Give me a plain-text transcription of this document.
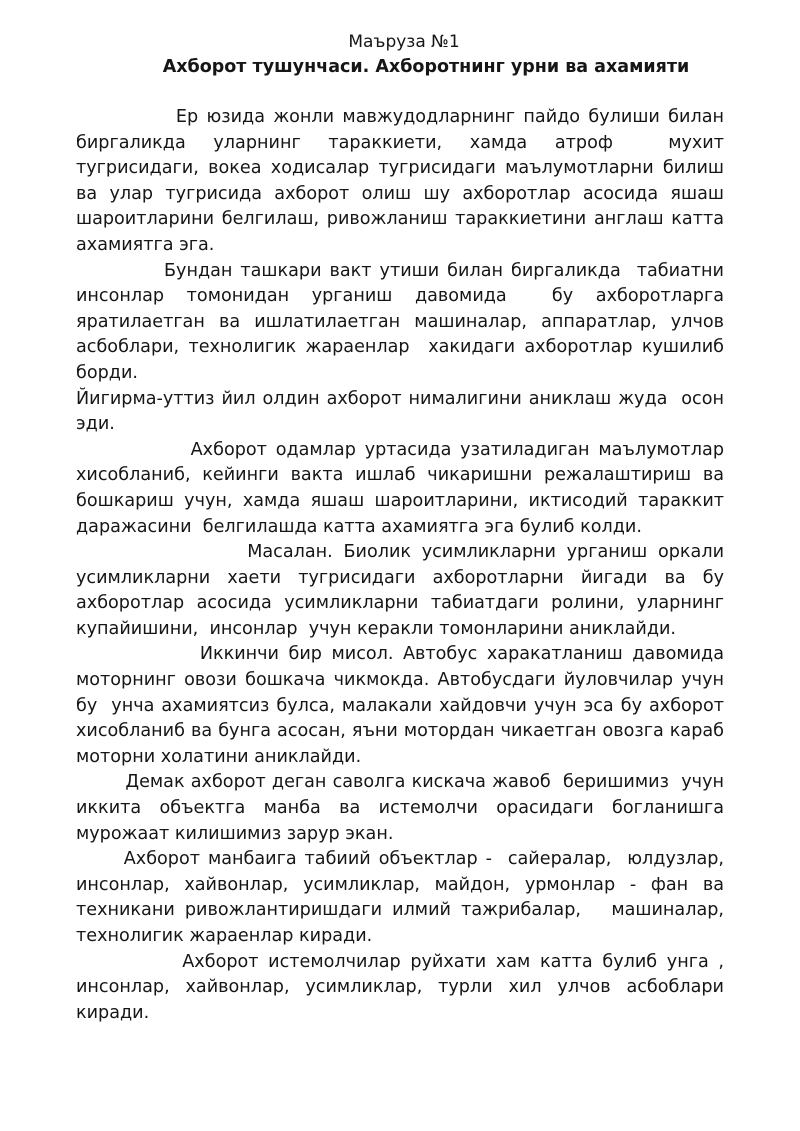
Маъруза №1
Ахборот тушунчаси. Ахборотнинг урни ва ахамияти

Ер юзида жонли мавжудодларнинг пайдо булиши билан биргаликда уларнинг тараккиети, хамда атроф  мухит  тугрисидаги, вокеа ходисалар тугрисидаги маълумотларни билиш ва улар тугрисида ахборот олиш шу ахборотлар асосида яшаш шароитларини белгилаш, ривожланиш тараккиетини англаш катта ахамиятга эга.

Бундан ташкари вакт утиши билан биргаликда  табиатни инсонлар томонидан урганиш давомида  бу ахборотларга яратилаетган ва ишлатилаетган машиналар, аппаратлар, улчов асбоблари, технолигик жараенлар  хакидаги ахборотлар кушилиб борди.

Йигирма-уттиз йил олдин ахборот нималигини аниклаш жуда  осон эди.

Ахборот одамлар уртасида узатиладиган маълумотлар хисобланиб, кейинги вакта ишлаб чикаришни режалаштириш ва бошкариш учун, хамда яшаш шароитларини, иктисодий тараккит даражасини  белгилашда катта ахамиятга эга булиб колди.

Масалан. Биолик усимликларни урганиш оркали усимликларни хаети тугрисидаги ахборотларни йигади ва бу ахборотлар асосида усимликларни табиатдаги ролини, уларнинг купайишини,  инсонлар  учун керакли томонларини аниклайди.

Иккинчи бир мисол. Автобус харакатланиш давомида моторнинг овози бошкача чикмокда. Автобусдаги йуловчилар учун бу  унча ахамиятсиз булса, малакали хайдовчи учун эса бу ахборот хисобланиб ва бунга асосан, яъни мотордан чикаетган овозга караб моторни холатини аниклайди.

Демак ахборот деган саволга кискача жавоб  беришимиз  учун иккита объектга манба ва истемолчи орасидаги богланишга мурожаат килишимиз зарур экан.

Ахборот манбаига табиий объектлар -  сайералар,  юлдузлар, инсонлар, хайвонлар, усимликлар, майдон, урмонлар - фан ва техникани ривожлантиришдаги илмий тажрибалар,   машиналар, технолигик жараенлар киради.

Ахборот истемолчилар руйхати хам катта булиб унга , инсонлар, хайвонлар, усимликлар, турли хил улчов асбоблари киради.
